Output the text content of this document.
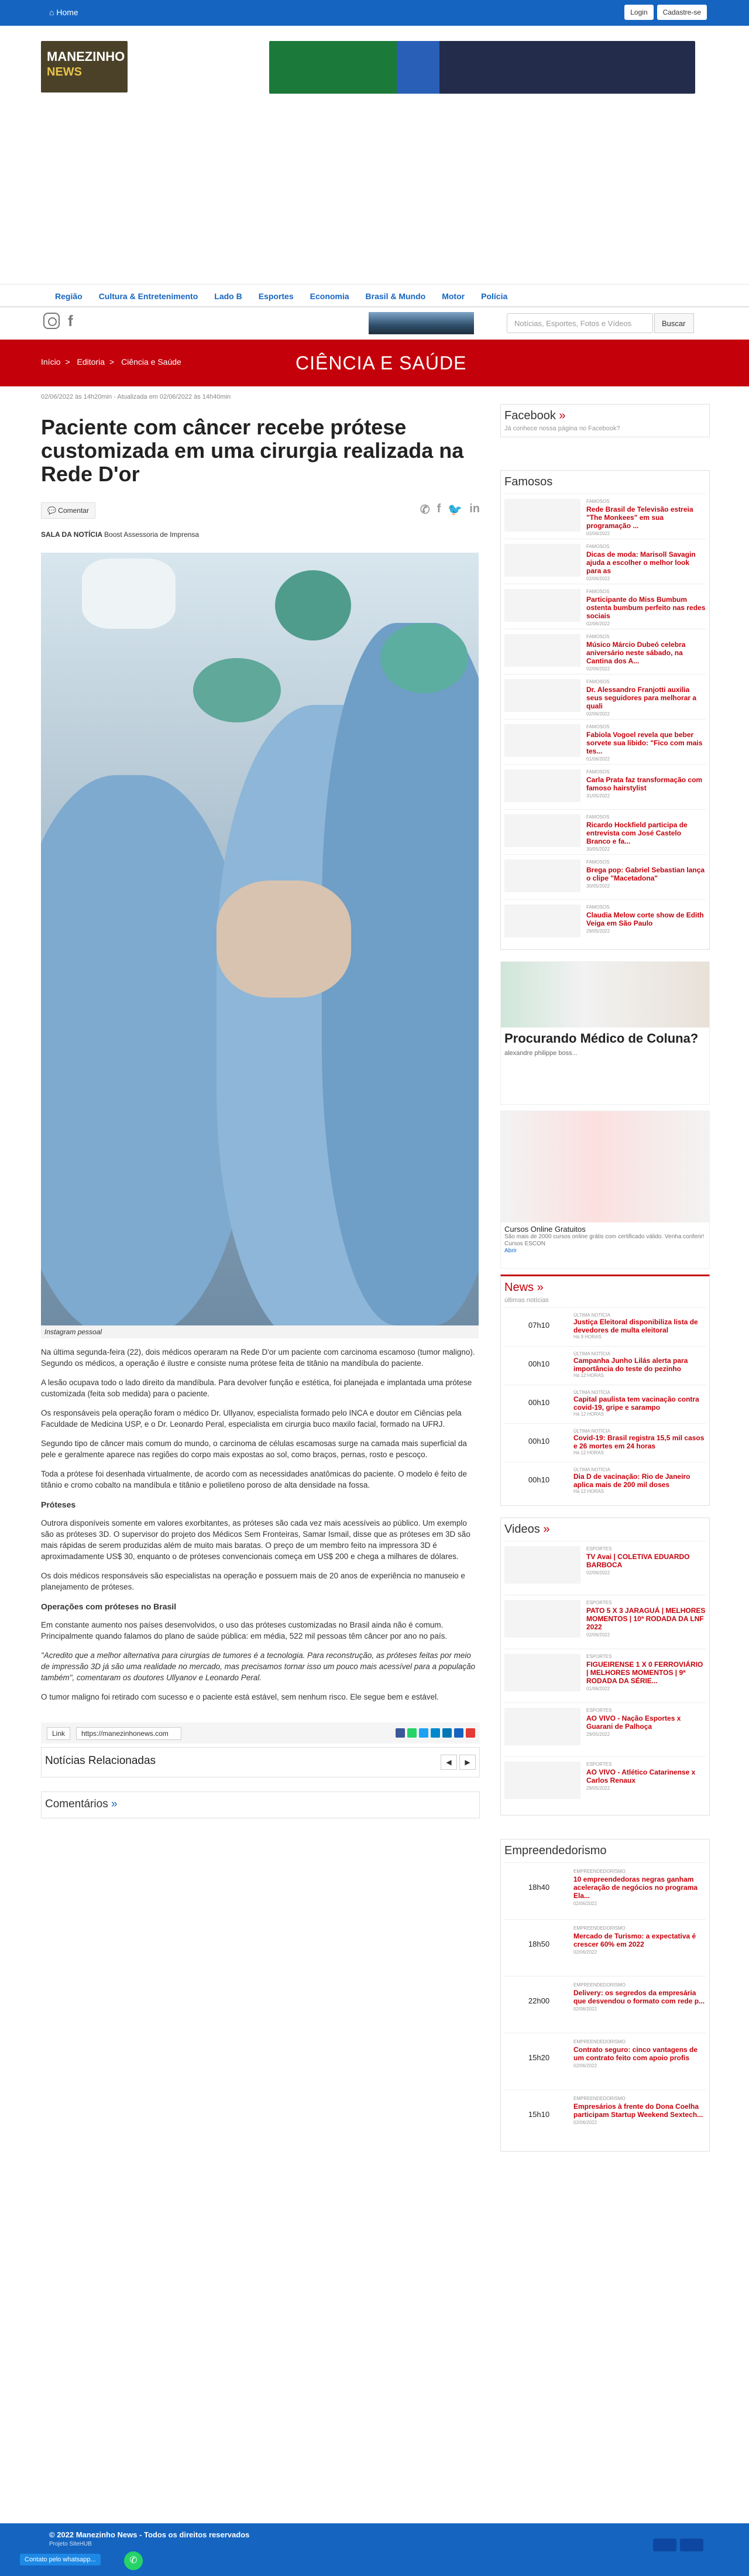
⌂ Home	Login	Cadastre-se
MANEZINHO
NEWS
Região	Cultura & Entretenimento	Lado B	Esportes	Economia	Brasil & Mundo	Motor	Polícia
f	Notícias, Esportes, Fotos e Vídeos	Buscar
Início > Editoria > Ciência e Saúde	CIÊNCIA E SAÚDE
02/06/2022 às 14h20min - Atualizada em 02/06/2022 às 14h40min
Paciente com câncer recebe prótese customizada em uma cirurgia realizada na Rede D'or
💬 Comentar	✆ f 🐦 in
SALA DA NOTÍCIA Boost Assessoria de Imprensa
Instagram pessoal

Na última segunda-feira (22), dois médicos operaram na Rede D'or um paciente com carcinoma escamoso (tumor maligno). Segundo os médicos, a operação é ilustre e consiste numa prótese feita de titânio na mandíbula do paciente.

A lesão ocupava todo o lado direito da mandíbula. Para devolver função e estética, foi planejada e implantada uma prótese customizada (feita sob medida) para o paciente.

Os responsáveis pela operação foram o médico Dr. Ullyanov, especialista formado pelo INCA e doutor em Ciências pela Faculdade de Medicina USP, e o Dr. Leonardo Peral, especialista em cirurgia buco maxilo facial, formado na UFRJ.

Segundo tipo de câncer mais comum do mundo, o carcinoma de células escamosas surge na camada mais superficial da pele e geralmente aparece nas regiões do corpo mais expostas ao sol, como braços, pernas, rosto e pescoço.

Toda a prótese foi desenhada virtualmente, de acordo com as necessidades anatômicas do paciente. O modelo é feito de titânio e cromo cobalto na mandíbula e titânio e polietileno poroso de alta densidade na fossa.

Próteses

Outrora disponíveis somente em valores exorbitantes, as próteses são cada vez mais acessíveis ao público. Um exemplo são as próteses 3D. O supervisor do projeto dos Médicos Sem Fronteiras, Samar Ismail, disse que as próteses em 3D são mais rápidas de serem produzidas além de muito mais baratas. O preço de um membro feito na impressora 3D é aproximadamente US$ 30, enquanto o de próteses convencionais começa em US$ 200 e chega a milhares de dólares.

Os dois médicos responsáveis são especialistas na operação e possuem mais de 20 anos de experiência no manuseio e planejamento de próteses.

Operações com próteses no Brasil

Em constante aumento nos países desenvolvidos, o uso das próteses customizadas no Brasil ainda não é comum. Principalmente quando falamos do plano de saúde pública: em média, 522 mil pessoas têm câncer por ano no país.

"Acredito que a melhor alternativa para cirurgias de tumores é a tecnologia. Para reconstrução, as próteses feitas por meio de impressão 3D já são uma realidade no mercado, mas precisamos tornar isso um pouco mais acessível para a população também", comentaram os doutores Ullyanov e Leonardo Peral.

O tumor maligno foi retirado com sucesso e o paciente está estável, sem nenhum risco. Ele segue bem e estável.

Link	https://manezinhonews.com
Notícias Relacionadas	◀	▶
Comentários »
Facebook »
Já conhece nossa página no Facebook?
Famosos
FAMOSOS
Rede Brasil de Televisão estreia "The Monkees" em sua programação ...
02/06/2022
FAMOSOS
Dicas de moda: Marisoll Savagin ajuda a escolher o melhor look para as
02/06/2022
FAMOSOS
Participante do Miss Bumbum ostenta bumbum perfeito nas redes sociais
02/06/2022
FAMOSOS
Músico Márcio Dubeó celebra aniversário neste sábado, na Cantina dos A...
02/06/2022
FAMOSOS
Dr. Alessandro Franjotti auxilia seus seguidores para melhorar a quali
02/06/2022
FAMOSOS
Fabiola Vogoel revela que beber sorvete sua libido: "Fico com mais tes...
01/06/2022
FAMOSOS
Carla Prata faz transformação com famoso hairstylist
31/05/2022
FAMOSOS
Ricardo Hockfield participa de entrevista com José Castelo Branco e fa...
30/05/2022
FAMOSOS
Brega pop: Gabriel Sebastian lança o clipe "Macetadona"
30/05/2022
FAMOSOS
Claudia Melow corte show de Edith Veiga em São Paulo
29/05/2022
Procurando Médico de Coluna?
alexandre philippe boss...
Cursos Online Gratuitos
São mais de 2000 cursos online grátis com certificado válido. Venha conferir!
Cursos ESCON
Abrir
News »
últimas notícias
07h10
ÚLTIMA NOTÍCIA
Justiça Eleitoral disponibiliza lista de devedores de multa eleitoral
Há 9 HORAS
00h10
ÚLTIMA NOTÍCIA
Campanha Junho Lilás alerta para importância do teste do pezinho
Há 12 HORAS
00h10
ÚLTIMA NOTÍCIA
Capital paulista tem vacinação contra covid-19, gripe e sarampo
Há 12 HORAS
00h10
ÚLTIMA NOTÍCIA
Covid-19: Brasil registra 15,5 mil casos e 26 mortes em 24 horas
Há 12 HORAS
00h10
ÚLTIMA NOTÍCIA
Dia D de vacinação: Rio de Janeiro aplica mais de 200 mil doses
Há 12 HORAS
Videos »
ESPORTES
TV Avai | COLETIVA EDUARDO BARBOCA
02/06/2022
ESPORTES
PATO 5 X 3 JARAGUÁ | MELHORES MOMENTOS | 10ª RODADA DA LNF 2022
02/06/2022
ESPORTES
FIGUEIRENSE 1 X 0 FERROVIÁRIO | MELHORES MOMENTOS | 9ª RODADA DA SÉRIE...
01/06/2022
ESPORTES
AO VIVO - Nação Esportes x Guarani de Palhoça
29/05/2022
ESPORTES
AO VIVO - Atlético Catarinense x Carlos Renaux
29/05/2022
Empreendedorismo
18h40
EMPREENDEDORISMO
10 empreendedoras negras ganham aceleração de negócios no programa Ela...
02/06/2022
18h50
EMPREENDEDORISMO
Mercado de Turismo: a expectativa é crescer 60% em 2022
02/06/2022
22h00
EMPREENDEDORISMO
Delivery: os segredos da empresária que desvendou o formato com rede p...
02/06/2022
15h20
EMPREENDEDORISMO
Contrato seguro: cinco vantagens de um contrato feito com apoio profis
02/06/2022
15h10
EMPREENDEDORISMO
Empresários à frente do Dona Coelha participam Startup Weekend Sextech...
02/06/2022
© 2022 Manezinho News - Todos os direitos reservados
Projeto SiteHUB
Contato pelo whatsapp...	✆
